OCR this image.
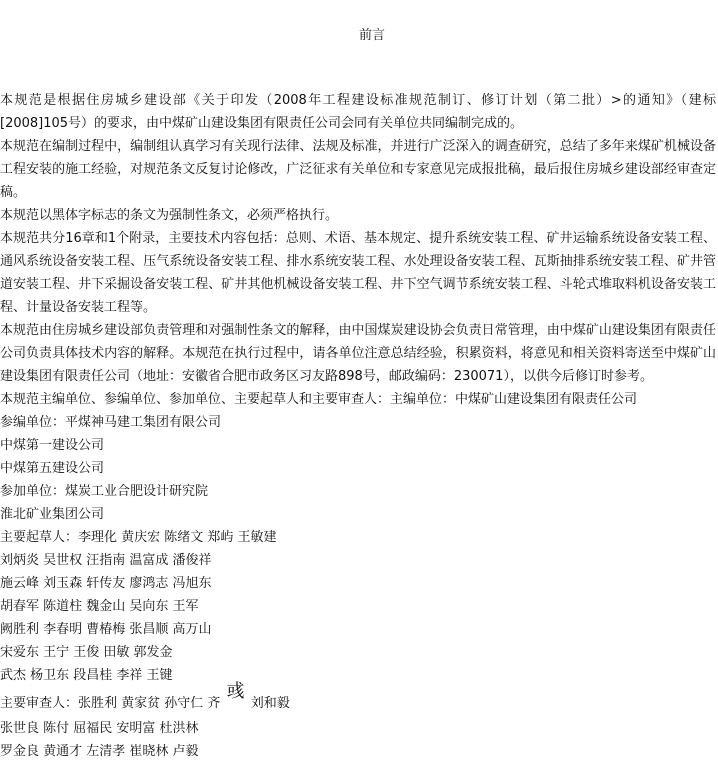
前言

本规范是根据住房城乡建设部《关于印发（2008年工程建设标准规范制订、修订计划（第二批）>的通知》（建标[2008]105号）的要求，由中煤矿山建设集团有限责任公司会同有关单位共同编制完成的。

本规范在编制过程中，编制组认真学习有关现行法律、法规及标准，并进行广泛深入的调查研究，总结了多年来煤矿机械设备工程安装的施工经验，对规范条文反复讨论修改，广泛征求有关单位和专家意见完成报批稿，最后报住房城乡建设部经审查定稿。

本规范以黑体字标志的条文为强制性条文，必须严格执行。

本规范共分16章和1个附录，主要技术内容包括：总则、术语、基本规定、提升系统安装工程、矿井运输系统设备安装工程、通风系统设备安装工程、压气系统设备安装工程、排水系统安装工程、水处理设备安装工程、瓦斯抽排系统安装工程、矿井管道安装工程、井下采掘设备安装工程、矿井其他机械设备安装工程、井下空气调节系统安装工程、斗轮式堆取料机设备安装工程、计量设备安装工程等。

本规范由住房城乡建设部负责管理和对强制性条文的解释，由中国煤炭建设协会负责日常管理，由中煤矿山建设集团有限责任公司负责具体技术内容的解释。本规范在执行过程中，请各单位注意总结经验，积累资料，将意见和相关资料寄送至中煤矿山建设集团有限责任公司（地址：安徽省合肥市政务区习友路898号，邮政编码：230071），以供今后修订时参考。

本规范主编单位、参编单位、参加单位、主要起草人和主要审查人：主编单位：中煤矿山建设集团有限责任公司

参编单位：平煤神马建工集团有限公司

中煤第一建设公司

中煤第五建设公司

参加单位：煤炭工业合肥设计研究院

淮北矿业集团公司

主要起草人：李理化 黄庆宏 陈绪文 郑屿 王敏建

刘炳炎 吴世权 汪指南 温富成 潘俊祥

施云峰 刘玉森 轩传友 廖鸿志 冯旭东

胡春军 陈道柱 魏金山 吴向东 王军

阙胜利 李春明 曹椿梅 张昌顺 高万山

宋爱东 王宁 王俊 田敏 郭发金

武杰 杨卫东 段昌桂 李祥 王键

主要审查人：张胜利 黄家贫 孙守仁 齐 彧 刘和毅

张世良 陈付 屈福民 安明富 杜洪林

罗金良 黄通才 左清孝 崔晓林 卢毅
